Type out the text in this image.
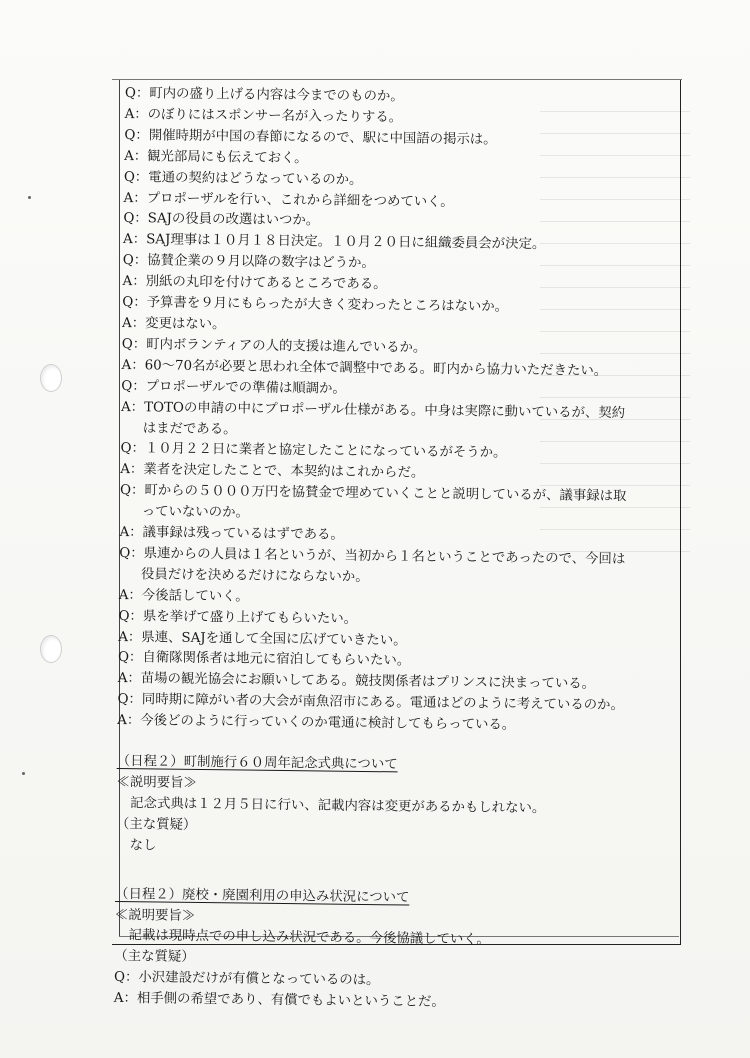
Q：町内の盛り上げる内容は今までのものか。
A：のぼりにはスポンサー名が入ったりする。
Q：開催時期が中国の春節になるので、駅に中国語の掲示は。
A：観光部局にも伝えておく。
Q：電通の契約はどうなっているのか。
A：プロポーザルを行い、これから詳細をつめていく。
Q：SAJの役員の改選はいつか。
A：SAJ理事は１０月１８日決定。１０月２０日に組織委員会が決定。
Q：協賛企業の９月以降の数字はどうか。
A：別紙の丸印を付けてあるところである。
Q：予算書を９月にもらったが大きく変わったところはないか。
A：変更はない。
Q：町内ボランティアの人的支援は進んでいるか。
A：60～70名が必要と思われ全体で調整中である。町内から協力いただきたい。
Q：プロポーザルでの準備は順調か。
A：TOTOの申請の中にプロポーザル仕様がある。中身は実際に動いているが、契約
はまだである。
Q：１０月２２日に業者と協定したことになっているがそうか。
A：業者を決定したことで、本契約はこれからだ。
Q：町からの５０００万円を協賛金で埋めていくことと説明しているが、議事録は取
っていないのか。
A：議事録は残っているはずである。
Q：県連からの人員は１名というが、当初から１名ということであったので、今回は
役員だけを決めるだけにならないか。
A：今後話していく。
Q：県を挙げて盛り上げてもらいたい。
A：県連、SAJを通して全国に広げていきたい。
Q：自衛隊関係者は地元に宿泊してもらいたい。
A：苗場の観光協会にお願いしてある。競技関係者はプリンスに決まっている。
Q：同時期に障がい者の大会が南魚沼市にある。電通はどのように考えているのか。
A：今後どのように行っていくのか電通に検討してもらっている。
（日程２）町制施行６０周年記念式典について
≪説明要旨≫
記念式典は１２月５日に行い、記載内容は変更があるかもしれない。
（主な質疑）
なし
（日程２）廃校・廃園利用の申込み状況について
≪説明要旨≫
記載は現時点での申し込み状況である。今後協議していく。
（主な質疑）
Q：小沢建設だけが有償となっているのは。
A：相手側の希望であり、有償でもよいということだ。
